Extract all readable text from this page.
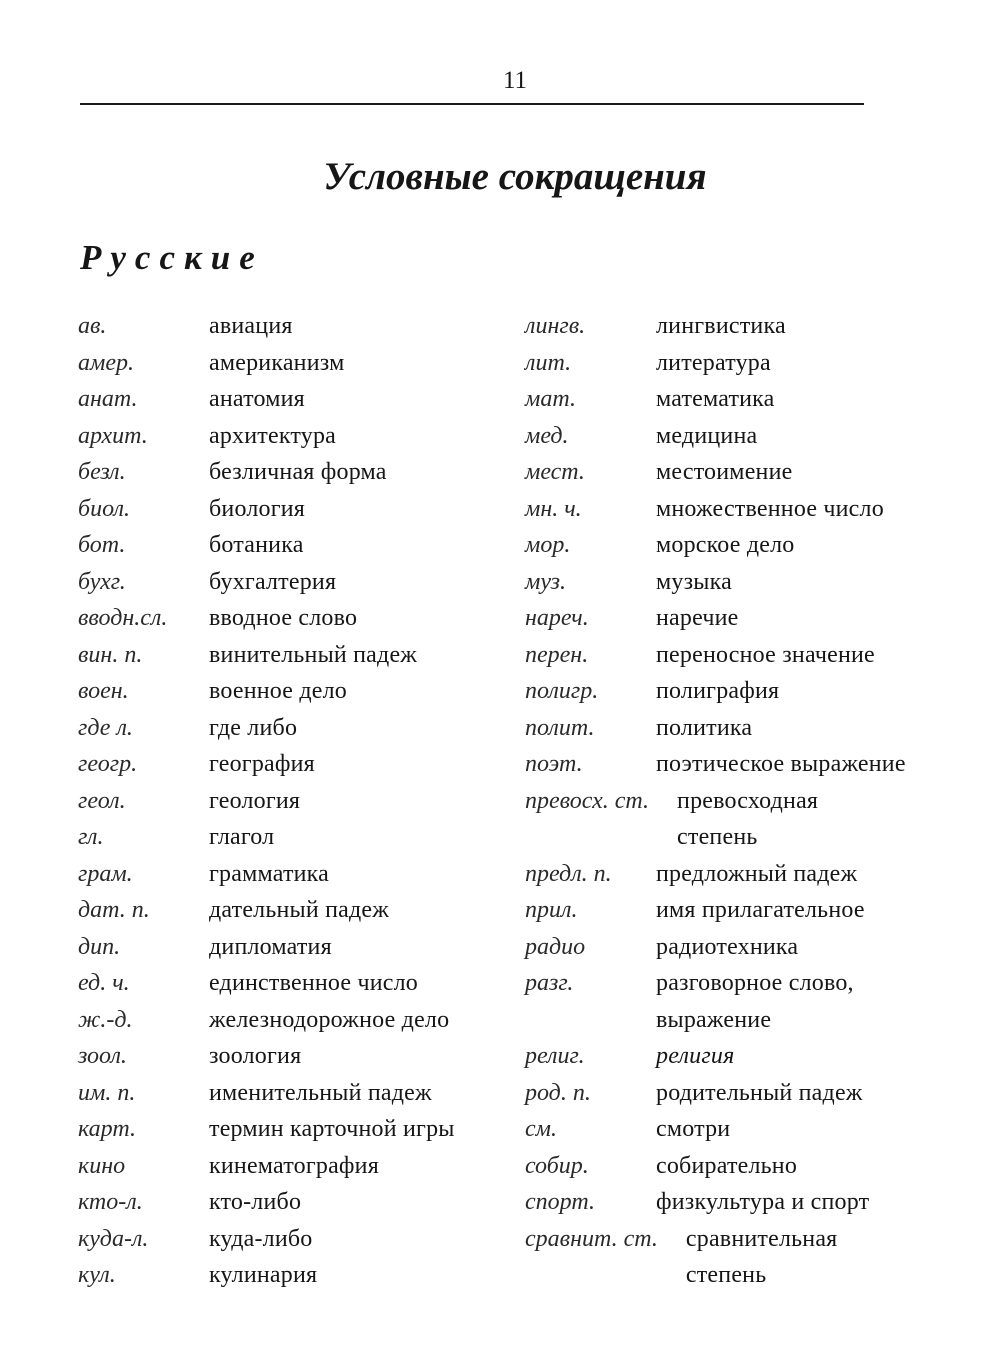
11
Условные сокращения
Русские
ав.	авиация
амер.	американизм
анат.	анатомия
архит.	архитектура
безл.	безличная форма
биол.	биология
бот.	ботаника
бухг.	бухгалтерия
вводн.сл.	вводное слово
вин. п.	винительный падеж
воен.	военное дело
где л.	где либо
геогр.	география
геол.	геология
гл.	глагол
грам.	грамматика
дат. п.	дательный падеж
дип.	дипломатия
ед. ч.	единственное число
ж.-д.	железнодорожное дело
зоол.	зоология
им. п.	именительный падеж
карт.	термин карточной игры
кино	кинематография
кто-л.	кто-либо
куда-л.	куда-либо
кул.	кулинария
лингв.	лингвистика
лит.	литература
мат.	математика
мед.	медицина
мест.	местоимение
мн. ч.	множественное число
мор.	морское дело
муз.	музыка
нареч.	наречие
перен.	переносное значение
полигр.	полиграфия
полит.	политика
поэт.	поэтическое выражение
превосх. ст. превосходная степень
предл. п.	предложный падеж
прил.	имя прилагательное
радио	радиотехника
разг.	разговорное слово, выражение
религ.	религия
род. п.	родительный падеж
см.	смотри
собир.	собирательно
спорт.	физкультура и спорт
сравнит. ст. сравнительная степень
